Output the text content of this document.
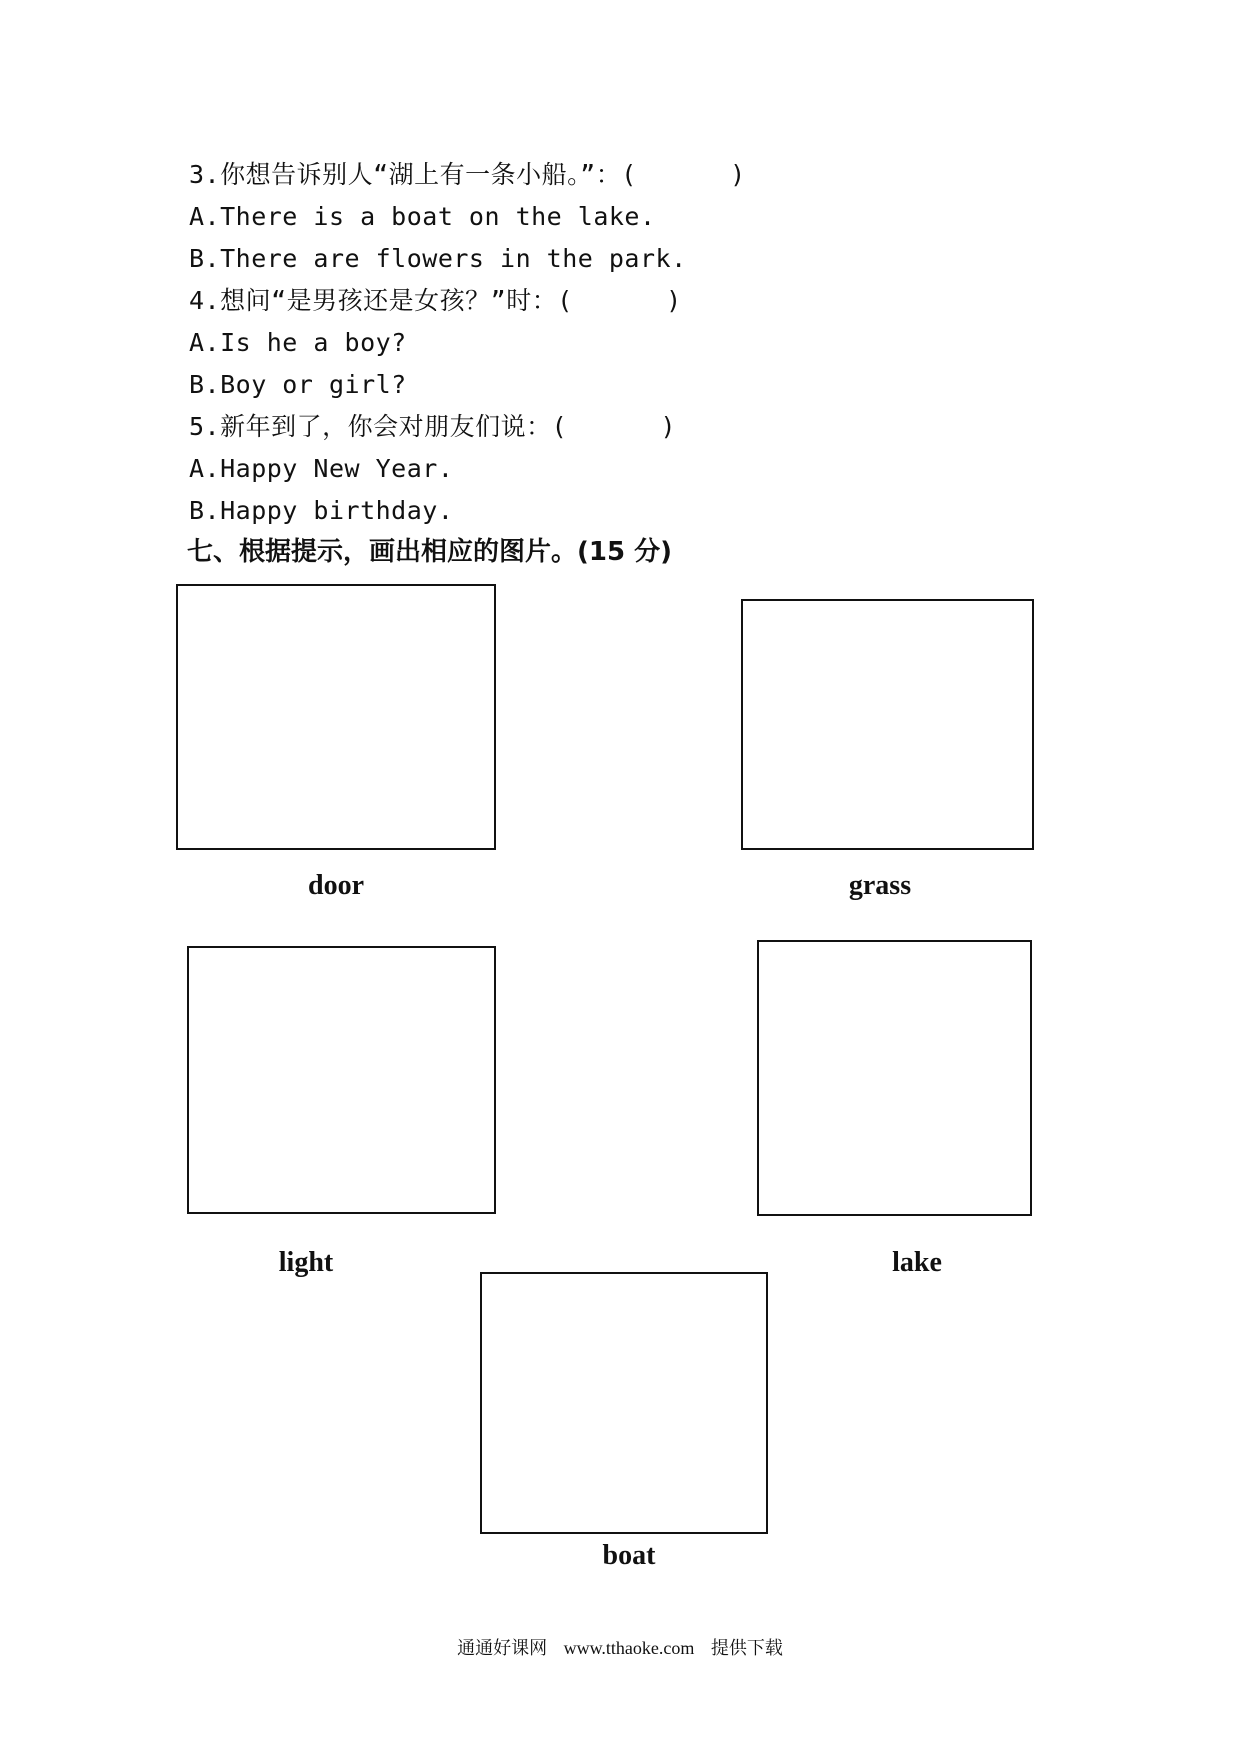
3.你想告诉别人“湖上有一条小船。”：(      )
A.There is a boat on the lake.
B.There are flowers in the park.
4.想问“是男孩还是女孩？”时：(      )
A.Is he a boy?
B.Boy or girl?
5.新年到了，你会对朋友们说：(      )
A.Happy New Year.
B.Happy birthday.
七、根据提示，画出相应的图片。(15 分)
door	grass
light	lake
boat
通通好课网 www.tthaoke.com 提供下载
